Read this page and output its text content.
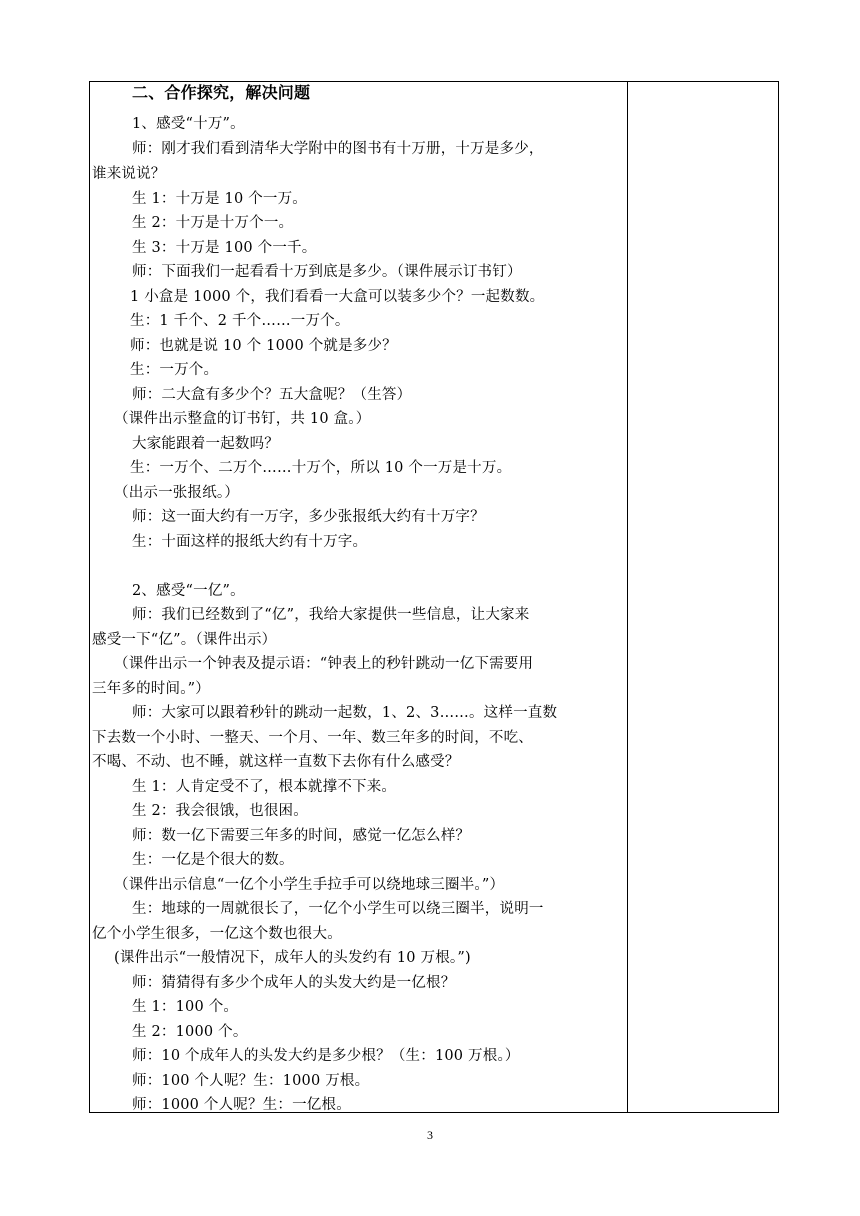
二、合作探究，解决问题
1、感受“十万”。
师：刚才我们看到清华大学附中的图书有十万册，十万是多少，
谁来说说？
生 1：十万是 10 个一万。
生 2：十万是十万个一。
生 3：十万是 100 个一千。
师：下面我们一起看看十万到底是多少。（课件展示订书钉）
1 小盒是 1000 个，我们看看一大盒可以装多少个？一起数数。
生：1 千个、2 千个……一万个。
师：也就是说 10 个 1000 个就是多少？
生：一万个。
师：二大盒有多少个？五大盒呢？（生答）
（课件出示整盒的订书钉，共 10 盒。）
大家能跟着一起数吗？
生：一万个、二万个……十万个，所以 10 个一万是十万。
（出示一张报纸。）
师：这一面大约有一万字，多少张报纸大约有十万字？
生：十面这样的报纸大约有十万字。
2、感受“一亿”。
师：我们已经数到了“亿”，我给大家提供一些信息，让大家来
感受一下“亿”。（课件出示）
（课件出示一个钟表及提示语：“钟表上的秒针跳动一亿下需要用
三年多的时间。”）
师：大家可以跟着秒针的跳动一起数，1、2、3……。这样一直数
下去数一个小时、一整天、一个月、一年、数三年多的时间，不吃、
不喝、不动、也不睡，就这样一直数下去你有什么感受？
生 1：人肯定受不了，根本就撑不下来。
生 2：我会很饿，也很困。
师：数一亿下需要三年多的时间，感觉一亿怎么样？
生：一亿是个很大的数。
（课件出示信息“一亿个小学生手拉手可以绕地球三圈半。”）
生：地球的一周就很长了，一亿个小学生可以绕三圈半，说明一
亿个小学生很多，一亿这个数也很大。
(课件出示“一般情况下，成年人的头发约有 10 万根。”)
师：猜猜得有多少个成年人的头发大约是一亿根？
生 1：100 个。
生 2：1000 个。
师：10 个成年人的头发大约是多少根？（生：100 万根。）
师：100 个人呢？生：1000 万根。
师：1000 个人呢？生：一亿根。
3
